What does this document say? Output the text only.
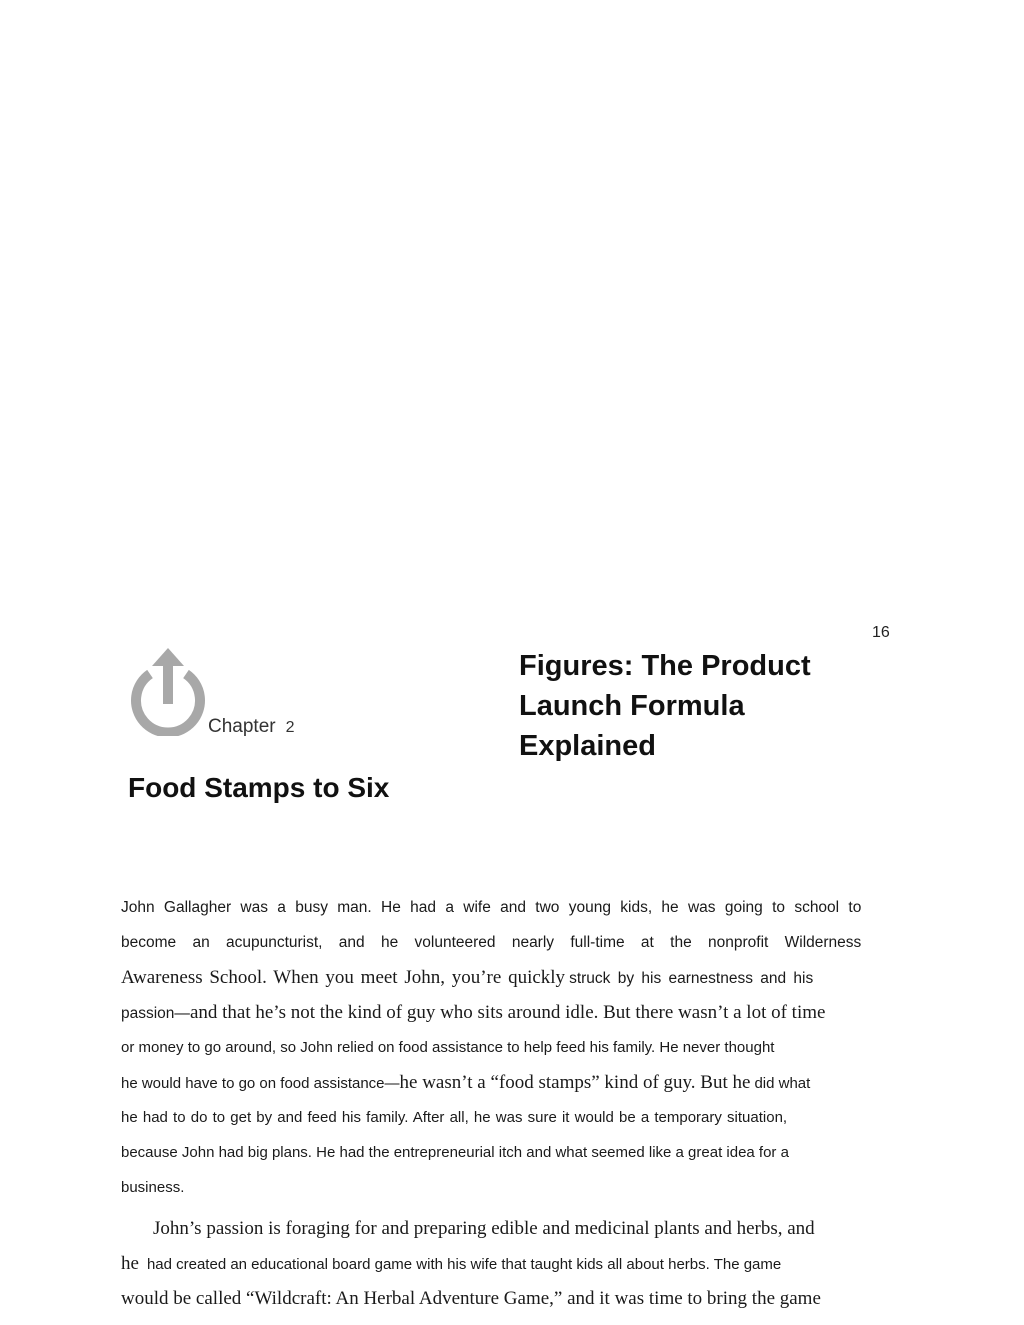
16
Chapter 2
Figures: The Product
Launch Formula
Explained
Food Stamps to Six
John Gallagher was a busy man. He had a wife and two young kids, he was going to school to
become an acupuncturist, and he volunteered nearly full-time at the nonprofit Wilderness
Awareness School. When you meet John, you’re quickly
struck by his earnestness and his
passion— and that he’s not the kind of guy who sits around idle. But there wasn’t a lot of time
or money to go around, so John relied on food assistance to help feed his family. He never thought
he would have to go on food assistance— he wasn’t a “food stamps” kind of guy. But he
did what
he had to do to get by and feed his family. After all, he was sure it would be a temporary situation,
because John had big plans. He had the entrepreneurial itch and what seemed like a great idea for a
business.
John’s passion is foraging for and preparing edible and medicinal plants and herbs, and
he
had created an educational board game with his wife that taught kids all about herbs. The game
would be called “Wildcraft: An Herbal Adventure Game,” and it was time to bring the game
